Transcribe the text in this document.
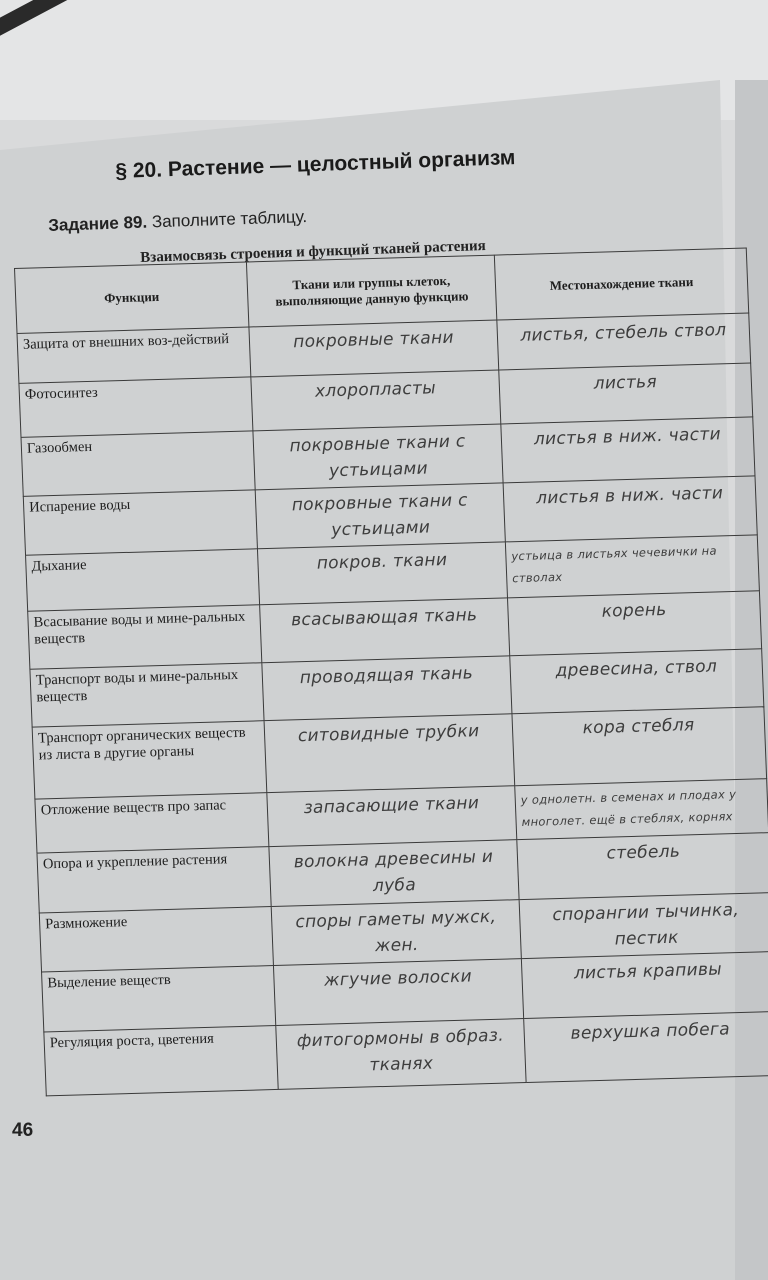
§ 20. Растение — целостный организм
Задание 89. Заполните таблицу.
Взаимосвязь строения и функций тканей растения
Функции	Ткани или группы клеток, выполняющие данную функцию	Местонахождение ткани
Защита от внешних воз-действий	покровные ткани	листья, стебель ствол
Фотосинтез	хлоропласты	листья
Газообмен	покровные ткани с устьицами	листья в ниж. части
Испарение воды	покровные ткани с устьицами	листья в ниж. части
Дыхание	покров. ткани	устьица в листьях чечевички на стволах
Всасывание воды и мине-ральных веществ	всасывающая ткань	корень
Транспорт воды и мине-ральных веществ	проводящая ткань	древесина, ствол
Транспорт органических веществ из листа в другие органы	ситовидные трубки	кора стебля
Отложение веществ про запас	запасающие ткани	у однолетн. в семенах и плодах у многолет. ещё в стеблях, корнях
Опора и укрепление растения	волокна древесины и луба	стебель
Размножение	споры гаметы мужск, жен.	спорангии тычинка, пестик
Выделение веществ	жгучие волоски	листья крапивы
Регуляция роста, цветения	фитогормоны в образ. тканях	верхушка побега
46
